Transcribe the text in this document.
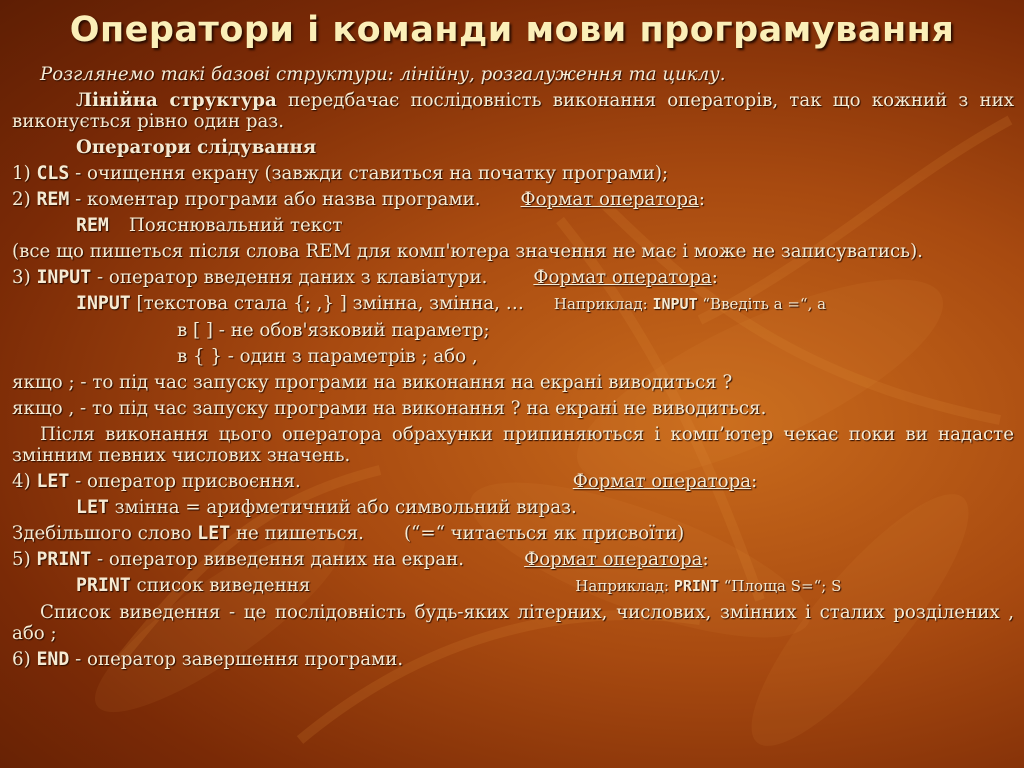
Оператори і команди мови програмування

Розглянемо такі базові структури: лінійну, розгалуження та циклу.

Лінійна структура передбачає послідовність виконання операторів, так що кожний з них виконується рівно один раз.

Оператори слідування

1) CLS - очищення екрану (завжди ставиться на початку програми);

2) REM - коментар програми або назва програми. Формат оператора:

REM Пояснювальний текст

(все що пишеться після слова REM для комп'ютера значення не має і може не записуватись).

3) INPUT - оператор введення даних з клавіатури.	Формат оператора:

INPUT [текстова стала {; ,} ] змінна, змінна, … Наприклад: INPUT “Введіть а =“, а

в [ ] - не обов'язковий параметр;

в { } - один з параметрів ; або ,

якщо ; - то під час запуску програми на виконання на екрані виводиться ?

якщо , - то під час запуску програми на виконання ? на екрані не виводиться.

Після виконання цього оператора обрахунки припиняються і комп’ютер чекає поки ви надасте змінним певних числових значень.

4) LET - оператор присвоєння.	Формат оператора:

LET змінна = арифметичний або символьний вираз.

Здебільшого слово LET не пишеться. (“=“ читається як присвоїти)

5) PRINT - оператор виведення даних на екран.	Формат оператора:

PRINT список виведення	Наприклад: PRINT “Площа S=“; S

Список виведення - це послідовність будь-яких літерних, числових, змінних і сталих розділених , або ;

6) END - оператор завершення програми.
